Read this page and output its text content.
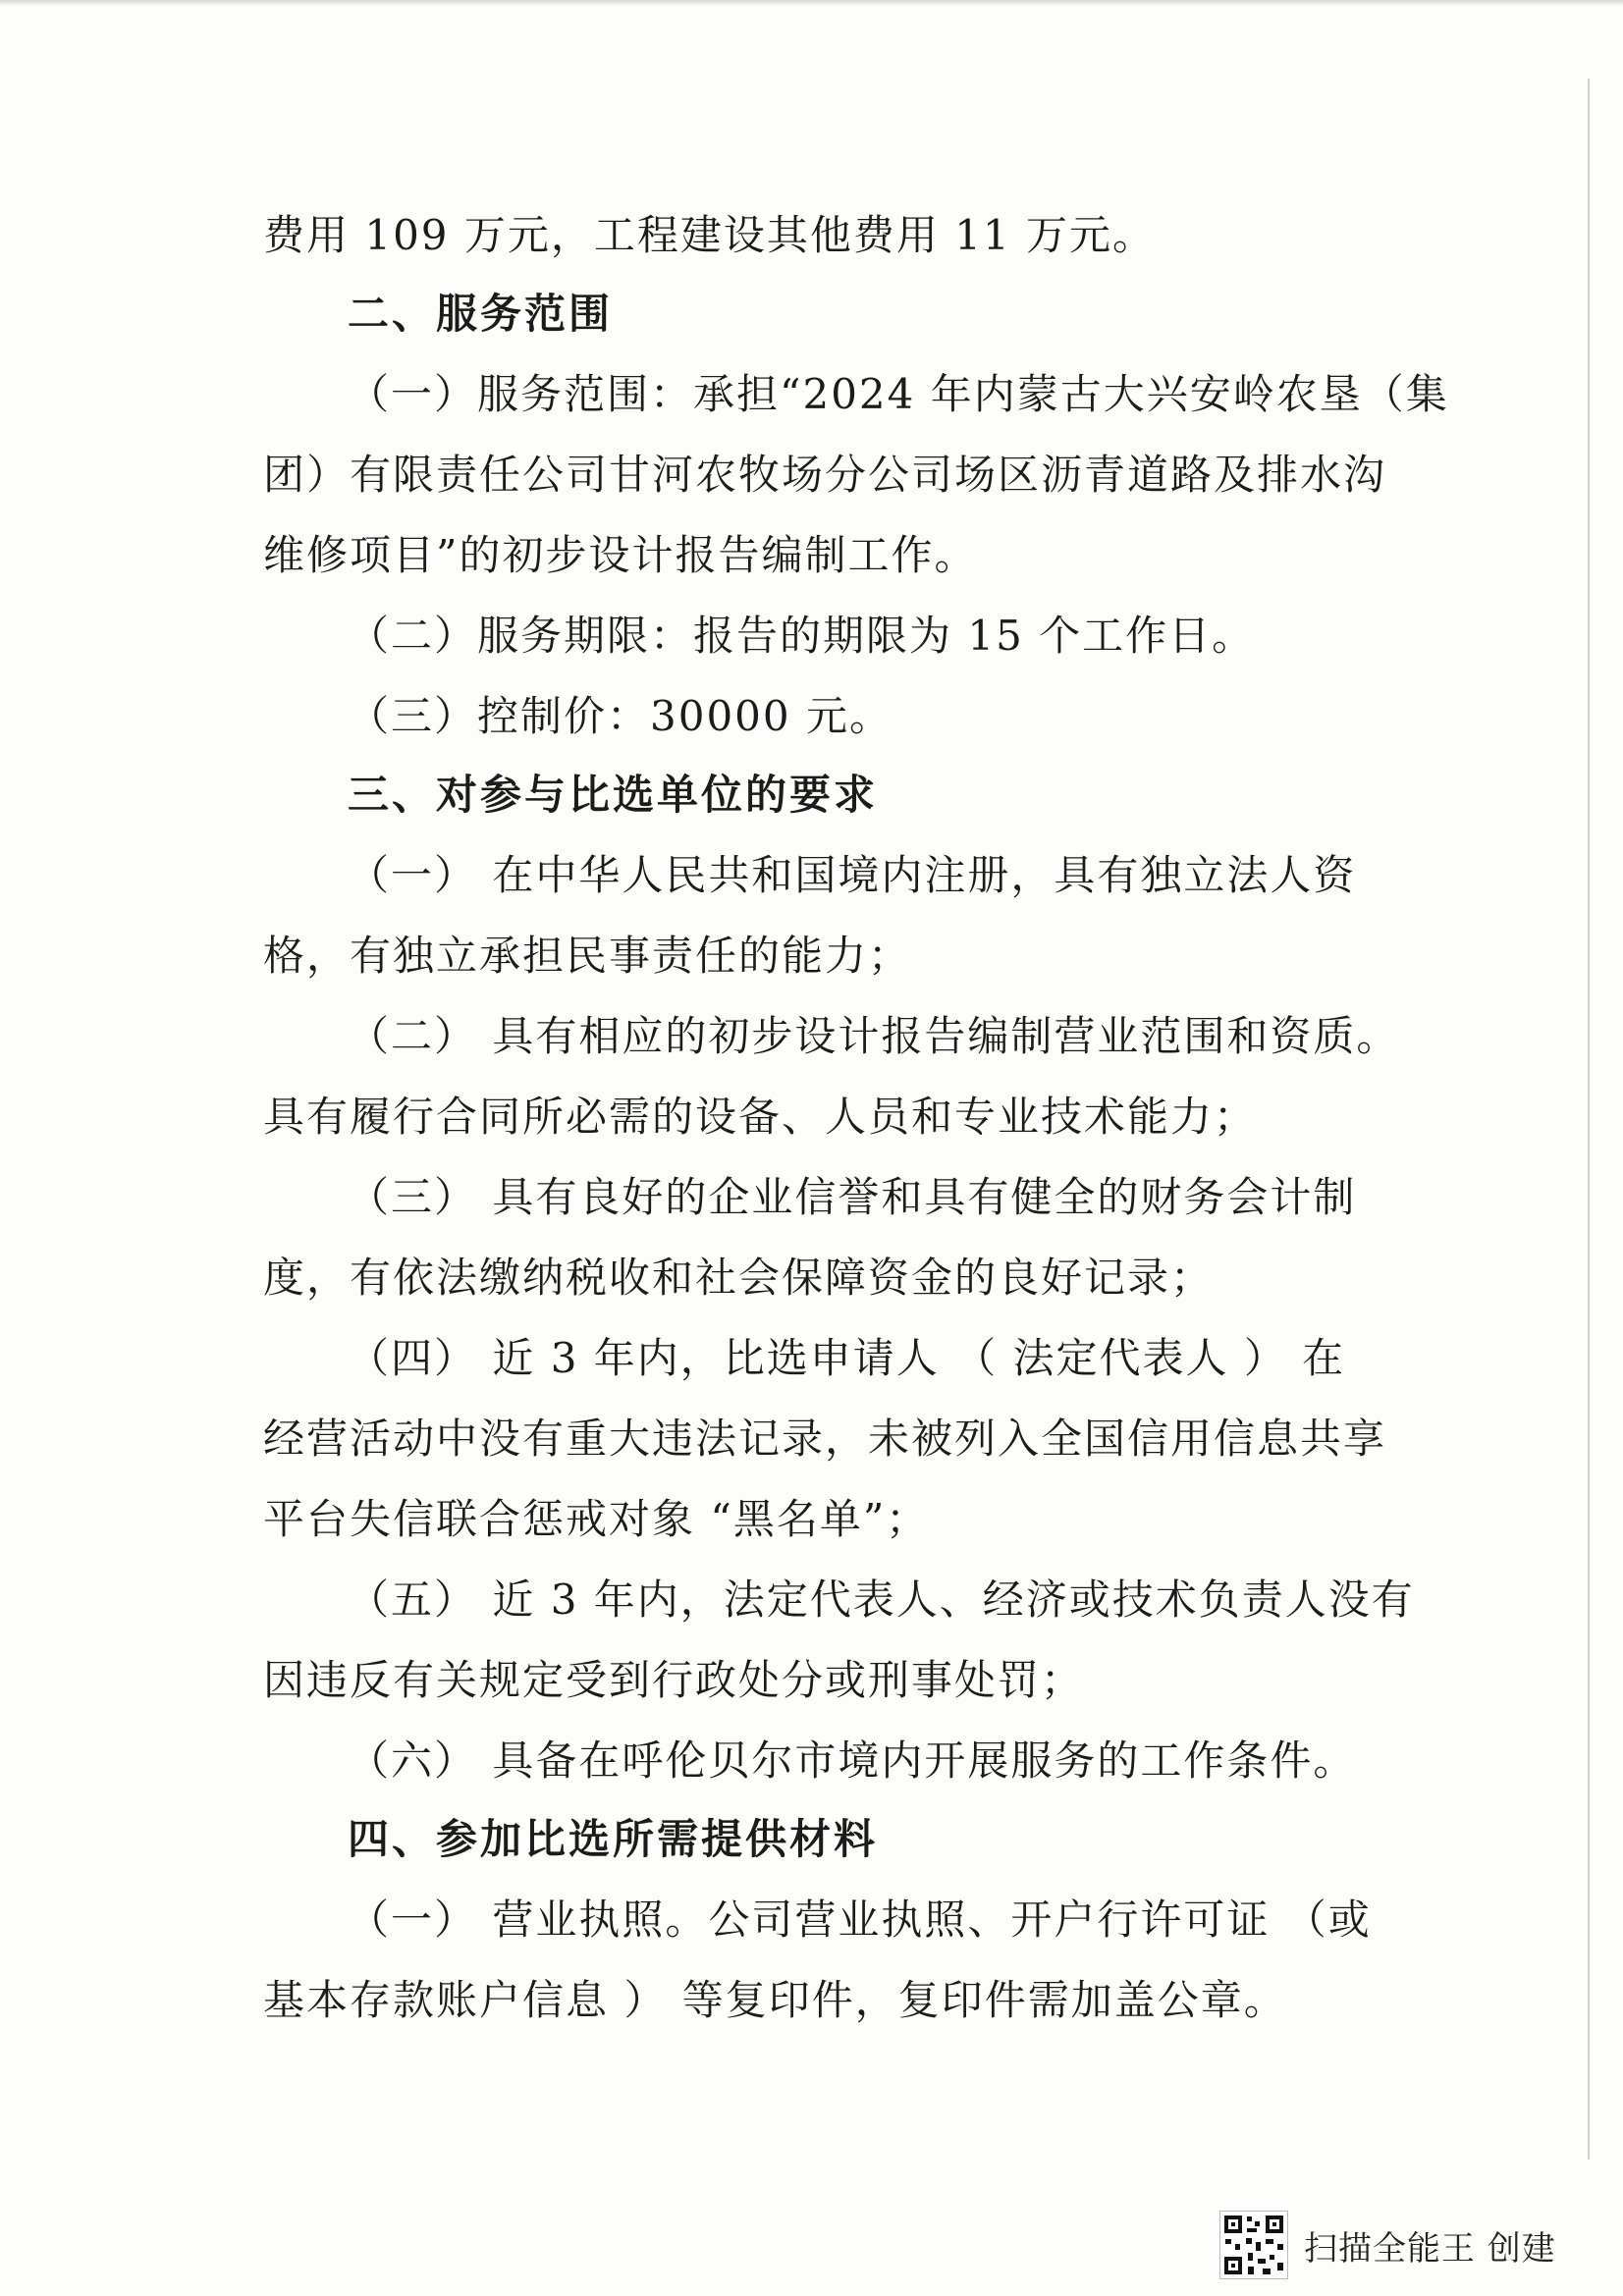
费用 109 万元，工程建设其他费用 11 万元。
二、服务范围
（一）服务范围：承担“2024 年内蒙古大兴安岭农垦（集
团）有限责任公司甘河农牧场分公司场区沥青道路及排水沟
维修项目”的初步设计报告编制工作。
（二）服务期限：报告的期限为 15 个工作日。
（三）控制价：30000 元。
三、对参与比选单位的要求
（一） 在中华人民共和国境内注册，具有独立法人资
格，有独立承担民事责任的能力；
（二） 具有相应的初步设计报告编制营业范围和资质。
具有履行合同所必需的设备、人员和专业技术能力；
（三） 具有良好的企业信誉和具有健全的财务会计制
度，有依法缴纳税收和社会保障资金的良好记录；
（四） 近 3 年内，比选申请人 （ 法定代表人 ） 在
经营活动中没有重大违法记录，未被列入全国信用信息共享
平台失信联合惩戒对象 “黑名单”；
（五） 近 3 年内，法定代表人、经济或技术负责人没有
因违反有关规定受到行政处分或刑事处罚；
（六） 具备在呼伦贝尔市境内开展服务的工作条件。
四、参加比选所需提供材料
（一） 营业执照。公司营业执照、开户行许可证 （或
基本存款账户信息 ） 等复印件，复印件需加盖公章。
扫描全能王 创建
